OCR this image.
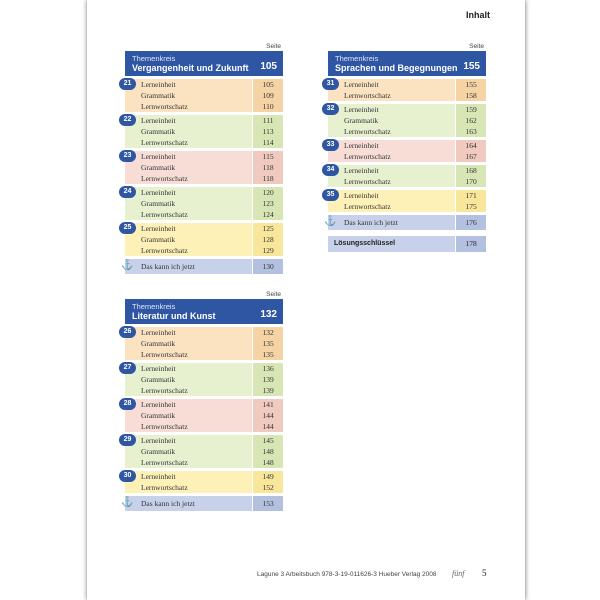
Inhalt
Seite
Themenkreis
Vergangenheit und Zukunft 105
Lerneinheit	105
Grammatik	109
Lernwortschatz	110
21
Lerneinheit	111
Grammatik	113
Lernwortschatz	114
22
Lerneinheit	115
Grammatik	118
Lernwortschatz	118
23
Lerneinheit	120
Grammatik	123
Lernwortschatz	124
24
Lerneinheit	125
Grammatik	128
Lernwortschatz	129
25
⚓	Das kann ich jetzt	130
Seite
Themenkreis
Sprachen und Begegnungen 155
Lerneinheit	155
Lernwortschatz	158
31
Lerneinheit	159
Grammatik	162
Lernwortschatz	163
32
Lerneinheit	164
Lernwortschatz	167
33
Lerneinheit	168
Lernwortschatz	170
34
Lerneinheit	171
Lernwortschatz	175
35
⚓	Das kann ich jetzt	176
Lösungsschlüssel	178
Seite
Themenkreis
Literatur und Kunst	132
Lerneinheit	132
Grammatik	135
Lernwortschatz	135
26
Lerneinheit	136
Grammatik	139
Lernwortschatz	139
27
Lerneinheit	141
Grammatik	144
Lernwortschatz	144
28
Lerneinheit	145
Grammatik	148
Lernwortschatz	148
29
Lerneinheit	149
Lernwortschatz	152
30
⚓	Das kann ich jetzt	153
Lagune 3 Arbeitsbuch 978-3-19-011626-3 Hueber Verlag 2008 fünf 5
